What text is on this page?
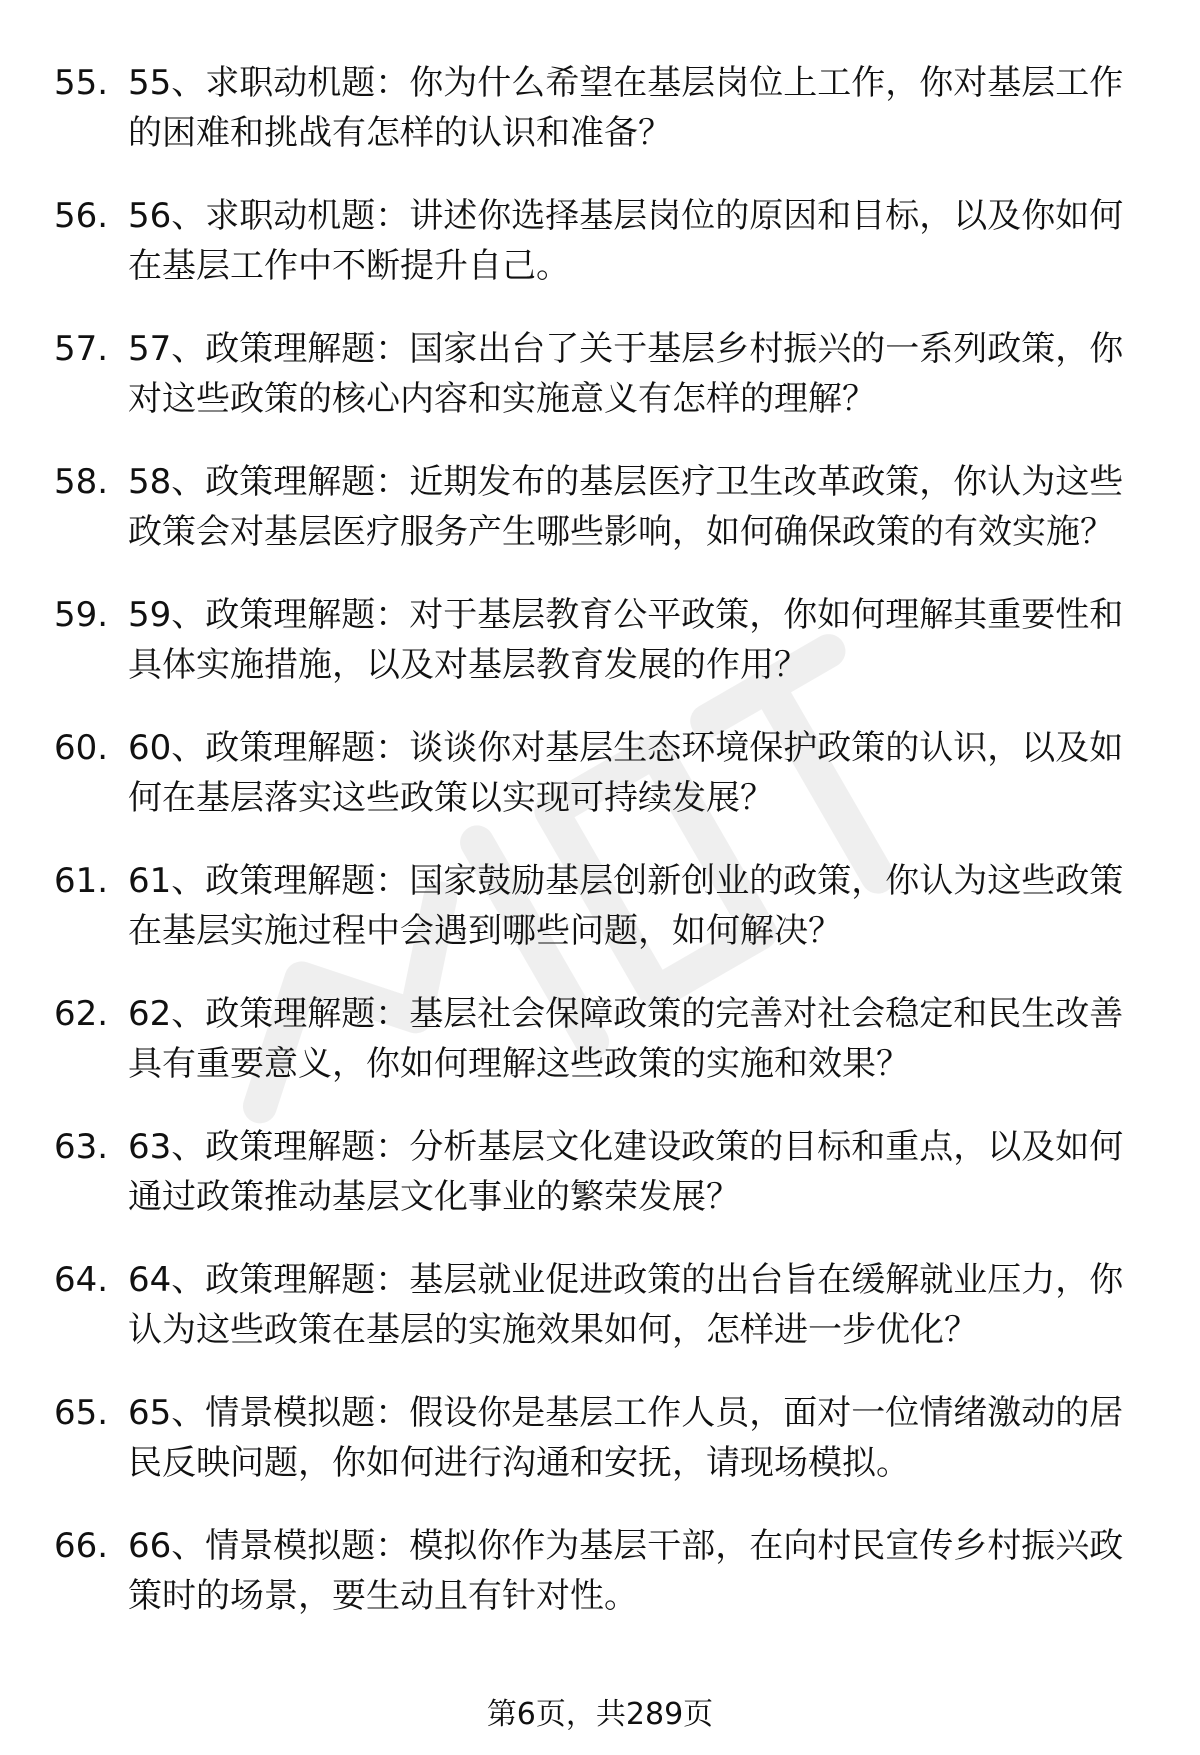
55. 55、求职动机题：你为什么希望在基层岗位上工作，你对基层工作的困难和挑战有怎样的认识和准备？
56. 56、求职动机题：讲述你选择基层岗位的原因和目标，以及你如何在基层工作中不断提升自己。
57. 57、政策理解题：国家出台了关于基层乡村振兴的一系列政策，你对这些政策的核心内容和实施意义有怎样的理解？
58. 58、政策理解题：近期发布的基层医疗卫生改革政策，你认为这些政策会对基层医疗服务产生哪些影响，如何确保政策的有效实施？
59. 59、政策理解题：对于基层教育公平政策，你如何理解其重要性和具体实施措施，以及对基层教育发展的作用？
60. 60、政策理解题：谈谈你对基层生态环境保护政策的认识，以及如何在基层落实这些政策以实现可持续发展？
61. 61、政策理解题：国家鼓励基层创新创业的政策，你认为这些政策在基层实施过程中会遇到哪些问题，如何解决？
62. 62、政策理解题：基层社会保障政策的完善对社会稳定和民生改善具有重要意义，你如何理解这些政策的实施和效果？
63. 63、政策理解题：分析基层文化建设政策的目标和重点，以及如何通过政策推动基层文化事业的繁荣发展？
64. 64、政策理解题：基层就业促进政策的出台旨在缓解就业压力，你认为这些政策在基层的实施效果如何，怎样进一步优化？
65. 65、情景模拟题：假设你是基层工作人员，面对一位情绪激动的居民反映问题，你如何进行沟通和安抚，请现场模拟。
66. 66、情景模拟题：模拟你作为基层干部，在向村民宣传乡村振兴政策时的场景，要生动且有针对性。
第6页，共289页
